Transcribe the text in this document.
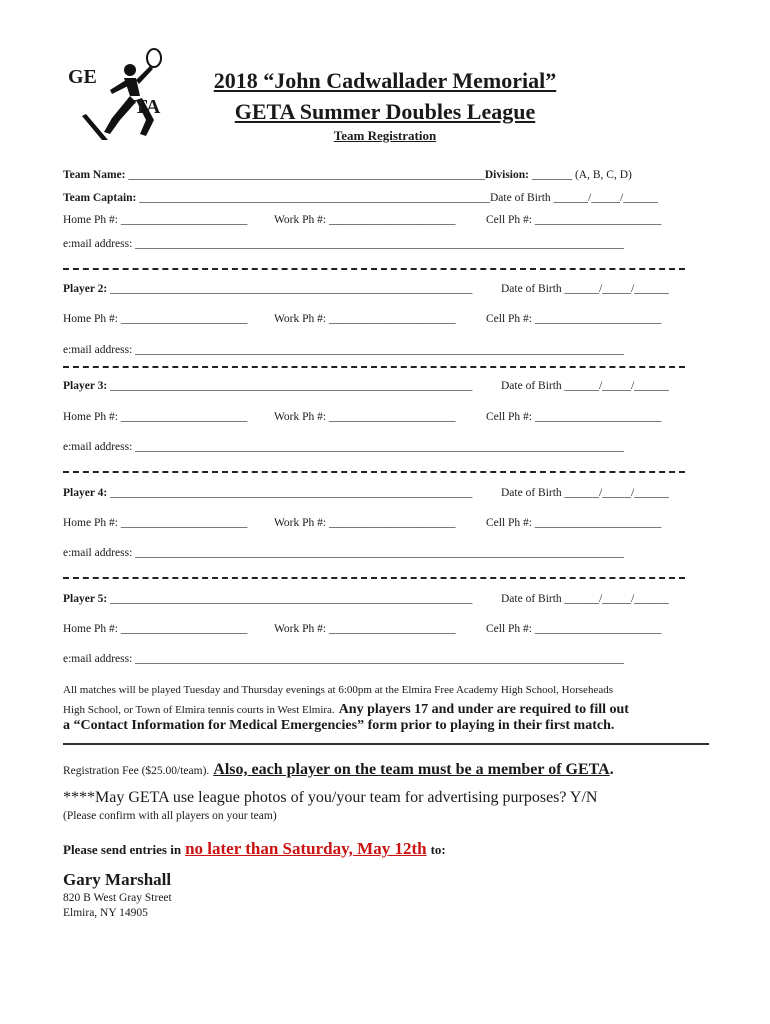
GE
TA
2018 “John Cadwallader Memorial”
GETA Summer Doubles League
Team Registration
Team Name: ______________________________________________________________Division: _______ (A, B, C, D)
Team Captain: _____________________________________________________________Date of Birth ______/_____/______
Home Ph #: ______________________ Work Ph #: ______________________	Cell Ph #: ______________________
e:mail address: _____________________________________________________________________________________
Player 2: _______________________________________________________________ Date of Birth ______/_____/______
Home Ph #: ______________________ Work Ph #: ______________________	Cell Ph #: ______________________
e:mail address: _____________________________________________________________________________________
Player 3: _______________________________________________________________ Date of Birth ______/_____/______
Home Ph #: ______________________ Work Ph #: ______________________	Cell Ph #: ______________________
e:mail address: _____________________________________________________________________________________
Player 4: _______________________________________________________________ Date of Birth ______/_____/______
Home Ph #: ______________________ Work Ph #: ______________________	Cell Ph #: ______________________
e:mail address: _____________________________________________________________________________________
Player 5: _______________________________________________________________ Date of Birth ______/_____/______
Home Ph #: ______________________ Work Ph #: ______________________	Cell Ph #: ______________________
e:mail address: _____________________________________________________________________________________
All matches will be played Tuesday and Thursday evenings at 6:00pm at the Elmira Free Academy High School, Horseheads
High School, or Town of Elmira tennis courts in West Elmira. Any players 17 and under are required to fill out
a “Contact Information for Medical Emergencies” form prior to playing in their first match.
Registration Fee ($25.00/team). Also, each player on the team must be a member of GETA.
****May GETA use league photos of you/your team for advertising purposes? Y/N
(Please confirm with all players on your team)
Please send entries in no later than Saturday, May 12th to:
Gary Marshall
820 B West Gray Street
Elmira, NY 14905
